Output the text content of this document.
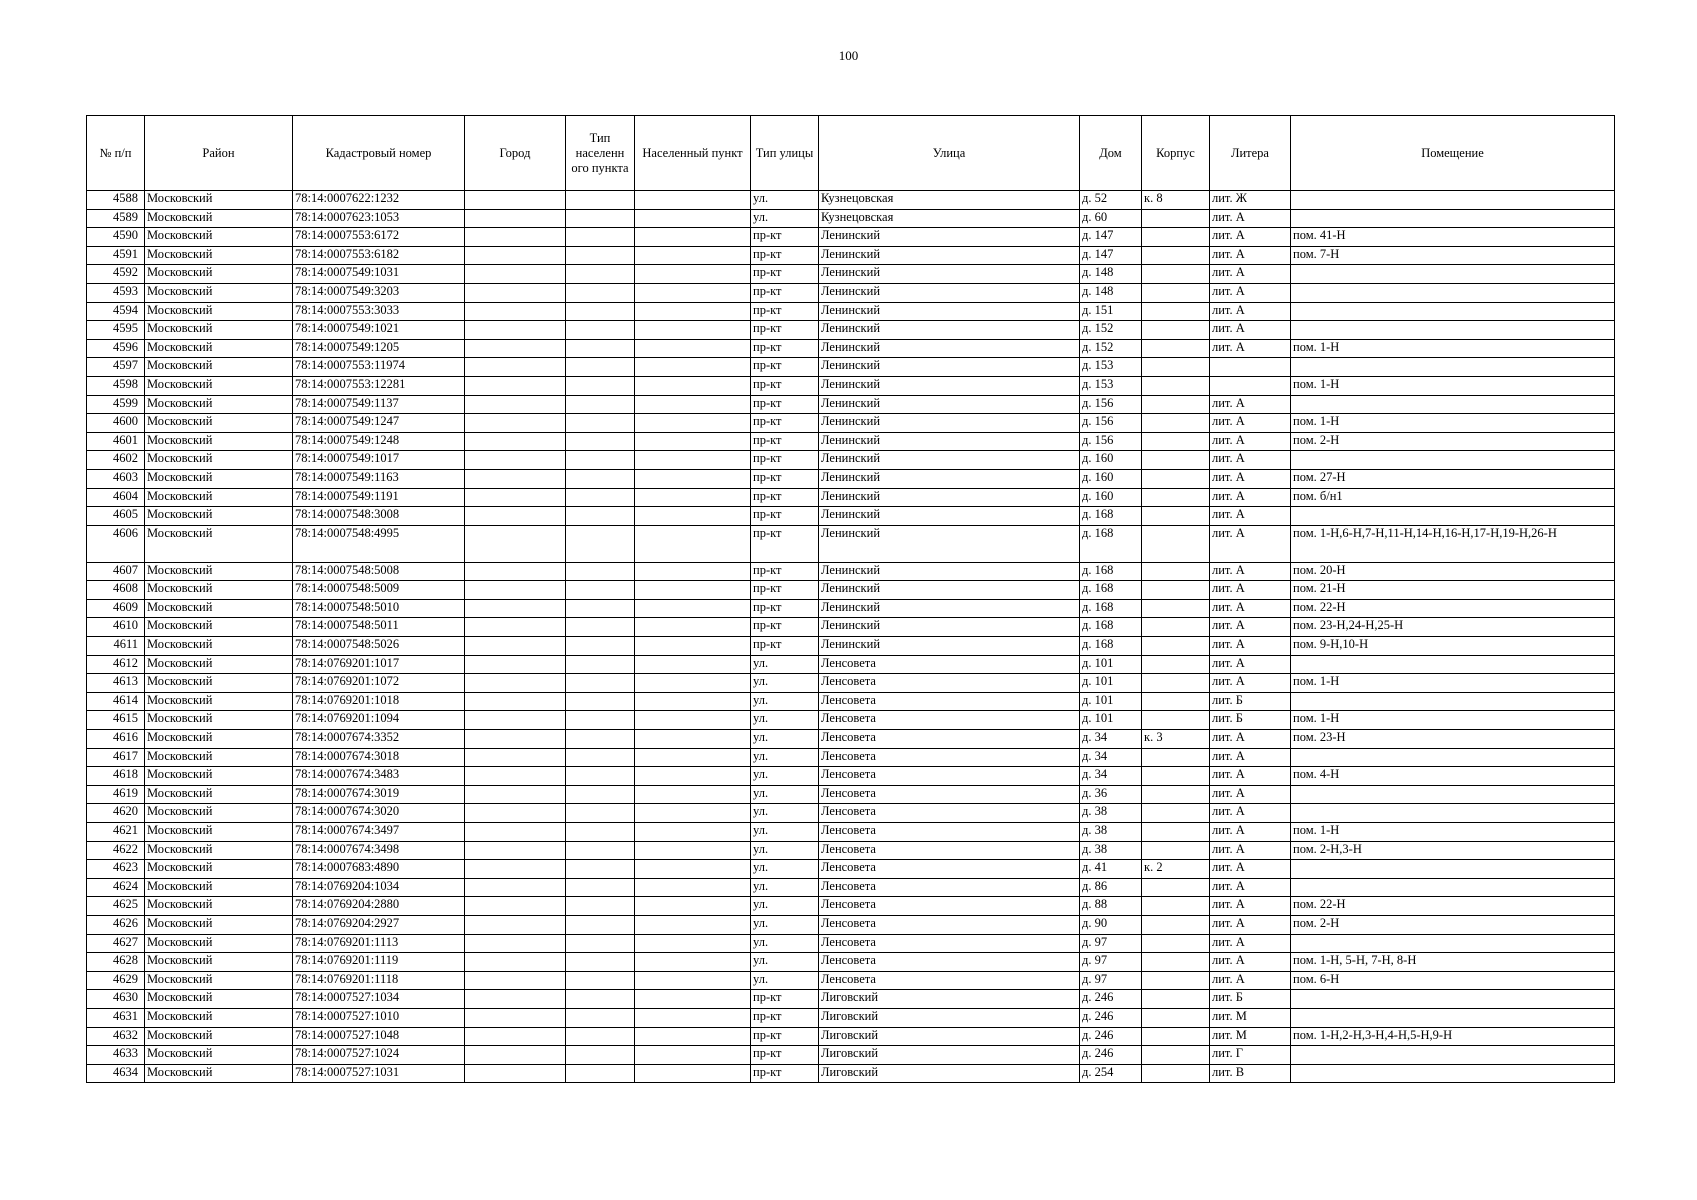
100
№ п/п	Район	Кадастровый номер	Город	Тип населенн ого пункта	Населенный пункт	Тип улицы	Улица	Дом	Корпус	Литера	Помещение
4588	Московский	78:14:0007622:1232				ул.	Кузнецовская	д. 52	к. 8	лит. Ж	
4589	Московский	78:14:0007623:1053				ул.	Кузнецовская	д. 60		лит. А	
4590	Московский	78:14:0007553:6172				пр-кт	Ленинский	д. 147		лит. А	пом. 41-Н
4591	Московский	78:14:0007553:6182				пр-кт	Ленинский	д. 147		лит. А	пом. 7-Н
4592	Московский	78:14:0007549:1031				пр-кт	Ленинский	д. 148		лит. А	
4593	Московский	78:14:0007549:3203				пр-кт	Ленинский	д. 148		лит. А	
4594	Московский	78:14:0007553:3033				пр-кт	Ленинский	д. 151		лит. А	
4595	Московский	78:14:0007549:1021				пр-кт	Ленинский	д. 152		лит. А	
4596	Московский	78:14:0007549:1205				пр-кт	Ленинский	д. 152		лит. А	пом. 1-Н
4597	Московский	78:14:0007553:11974				пр-кт	Ленинский	д. 153			
4598	Московский	78:14:0007553:12281				пр-кт	Ленинский	д. 153			пом. 1-Н
4599	Московский	78:14:0007549:1137				пр-кт	Ленинский	д. 156		лит. А	
4600	Московский	78:14:0007549:1247				пр-кт	Ленинский	д. 156		лит. А	пом. 1-Н
4601	Московский	78:14:0007549:1248				пр-кт	Ленинский	д. 156		лит. А	пом. 2-Н
4602	Московский	78:14:0007549:1017				пр-кт	Ленинский	д. 160		лит. А	
4603	Московский	78:14:0007549:1163				пр-кт	Ленинский	д. 160		лит. А	пом. 27-Н
4604	Московский	78:14:0007549:1191				пр-кт	Ленинский	д. 160		лит. А	пом. б/н1
4605	Московский	78:14:0007548:3008				пр-кт	Ленинский	д. 168		лит. А	
4606	Московский	78:14:0007548:4995				пр-кт	Ленинский	д. 168		лит. А	пом. 1-Н,6-Н,7-Н,11-Н,14-Н,16-Н,17-Н,19-Н,26-Н
4607	Московский	78:14:0007548:5008				пр-кт	Ленинский	д. 168		лит. А	пом. 20-Н
4608	Московский	78:14:0007548:5009				пр-кт	Ленинский	д. 168		лит. А	пом. 21-Н
4609	Московский	78:14:0007548:5010				пр-кт	Ленинский	д. 168		лит. А	пом. 22-Н
4610	Московский	78:14:0007548:5011				пр-кт	Ленинский	д. 168		лит. А	пом. 23-Н,24-Н,25-Н
4611	Московский	78:14:0007548:5026				пр-кт	Ленинский	д. 168		лит. А	пом. 9-Н,10-Н
4612	Московский	78:14:0769201:1017				ул.	Ленсовета	д. 101		лит. А	
4613	Московский	78:14:0769201:1072				ул.	Ленсовета	д. 101		лит. А	пом. 1-Н
4614	Московский	78:14:0769201:1018				ул.	Ленсовета	д. 101		лит. Б	
4615	Московский	78:14:0769201:1094				ул.	Ленсовета	д. 101		лит. Б	пом. 1-Н
4616	Московский	78:14:0007674:3352				ул.	Ленсовета	д. 34	к. 3	лит. А	пом. 23-Н
4617	Московский	78:14:0007674:3018				ул.	Ленсовета	д. 34		лит. А	
4618	Московский	78:14:0007674:3483				ул.	Ленсовета	д. 34		лит. А	пом. 4-Н
4619	Московский	78:14:0007674:3019				ул.	Ленсовета	д. 36		лит. А	
4620	Московский	78:14:0007674:3020				ул.	Ленсовета	д. 38		лит. А	
4621	Московский	78:14:0007674:3497				ул.	Ленсовета	д. 38		лит. А	пом. 1-Н
4622	Московский	78:14:0007674:3498				ул.	Ленсовета	д. 38		лит. А	пом. 2-Н,3-Н
4623	Московский	78:14:0007683:4890				ул.	Ленсовета	д. 41	к. 2	лит. А	
4624	Московский	78:14:0769204:1034				ул.	Ленсовета	д. 86		лит. А	
4625	Московский	78:14:0769204:2880				ул.	Ленсовета	д. 88		лит. А	пом. 22-Н
4626	Московский	78:14:0769204:2927				ул.	Ленсовета	д. 90		лит. А	пом. 2-Н
4627	Московский	78:14:0769201:1113				ул.	Ленсовета	д. 97		лит. А	
4628	Московский	78:14:0769201:1119				ул.	Ленсовета	д. 97		лит. А	пом. 1-Н, 5-Н, 7-Н, 8-Н
4629	Московский	78:14:0769201:1118				ул.	Ленсовета	д. 97		лит. А	пом. 6-Н
4630	Московский	78:14:0007527:1034				пр-кт	Лиговский	д. 246		лит. Б	
4631	Московский	78:14:0007527:1010				пр-кт	Лиговский	д. 246		лит. М	
4632	Московский	78:14:0007527:1048				пр-кт	Лиговский	д. 246		лит. М	пом. 1-Н,2-Н,3-Н,4-Н,5-Н,9-Н
4633	Московский	78:14:0007527:1024				пр-кт	Лиговский	д. 246		лит. Г	
4634	Московский	78:14:0007527:1031				пр-кт	Лиговский	д. 254		лит. В	
